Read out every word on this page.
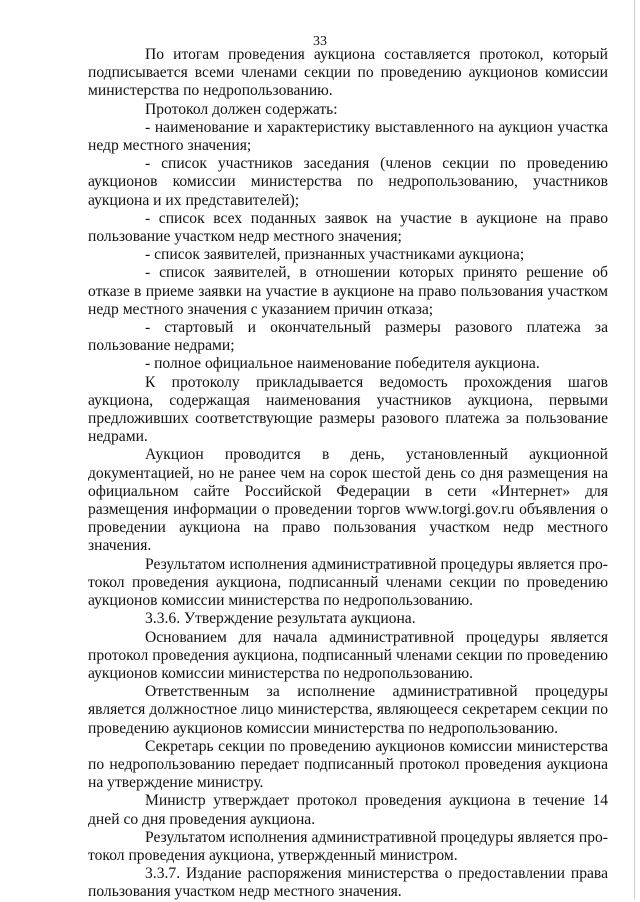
33

По итогам проведения аукциона составляется протокол, который подписывается всеми членами секции по проведению аукционов комиссии министерства по недропользованию.

Протокол должен содержать:

- наименование и характеристику выставленного на аукцион участка недр местного значения;

- список участников заседания (членов секции по проведению аукционов комиссии министерства по недропользованию, участников аукциона и их представителей);

- список всех поданных заявок на участие в аукционе на право пользование участком недр местного значения;

- список заявителей, признанных участниками аукциона;

- список заявителей, в отношении которых принято решение об отказе в приеме заявки на участие в аукционе на право пользования участком недр местного значения с указанием причин отказа;

- стартовый и окончательный размеры разового платежа за пользование недрами;

- полное официальное наименование победителя аукциона.

К протоколу прикладывается ведомость прохождения шагов аукциона, содержащая наименования участников аукциона, первыми предложивших соответствующие размеры разового платежа за пользование недрами.

Аукцион проводится в день, установленный аукционной документацией, но не ранее чем на сорок шестой день со дня размещения на официальном сайте Российской Федерации в сети «Интернет» для размещения информации о проведении торгов www.torgi.gov.ru объявления о проведении аукциона на право пользования участком недр местного значения.

Результатом исполнения административной процедуры является протокол проведения аукциона, подписанный членами секции по проведению аукционов комиссии министерства по недропользованию.

3.3.6. Утверждение результата аукциона.

Основанием для начала административной процедуры является протокол проведения аукциона, подписанный членами секции по проведению аукционов комиссии министерства по недропользованию.

Ответственным за исполнение административной процедуры является должностное лицо министерства, являющееся секретарем секции по проведению аукционов комиссии министерства по недропользованию.

Секретарь секции по проведению аукционов комиссии министерства по недропользованию передает подписанный протокол проведения аукциона на утверждение министру.

Министр утверждает протокол проведения аукциона в течение 14 дней со дня проведения аукциона.

Результатом исполнения административной процедуры является протокол проведения аукциона, утвержденный министром.

3.3.7. Издание распоряжения министерства о предоставлении права пользования участком недр местного значения.
